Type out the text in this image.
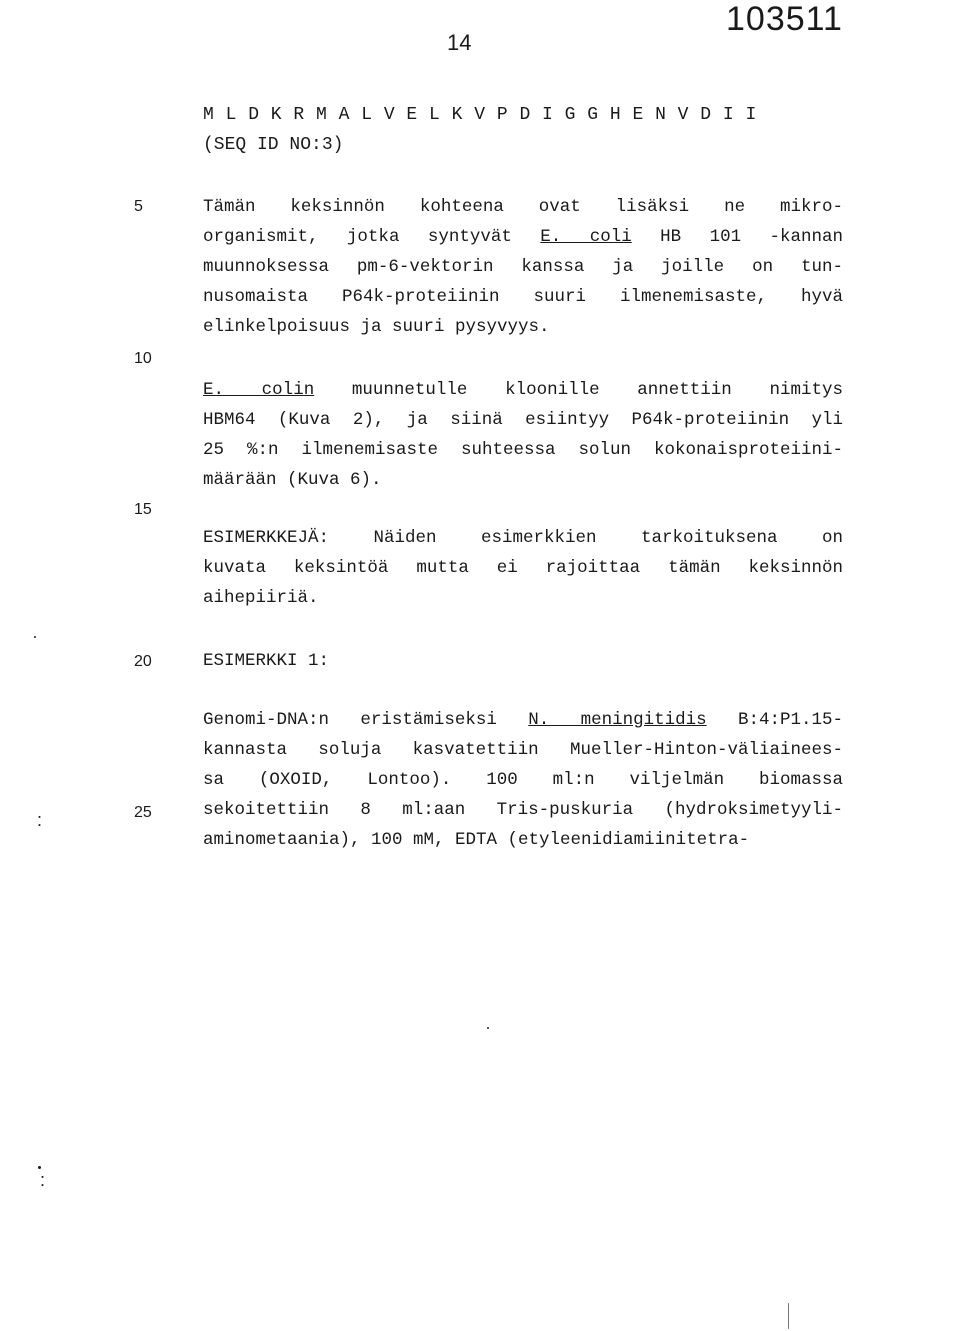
14
103511
5
10
15
20
25
M L D K R M A L V E L K V P D I G G H E N V D I I
(SEQ ID NO:3)
Tämän keksinnön kohteena ovat lisäksi ne mikro-
organismit, jotka syntyvät E. coli HB 101 -kannan
muunnoksessa pm-6-vektorin kanssa ja joille on tun-
nusomaista P64k-proteiinin suuri ilmenemisaste, hyvä
elinkelpoisuus ja suuri pysyvyys.
E. colin muunnetulle kloonille annettiin nimitys
HBM64 (Kuva 2), ja siinä esiintyy P64k-proteiinin yli
25 %:n ilmenemisaste suhteessa solun kokonaisproteiini-
määrään (Kuva 6).
ESIMERKKEJÄ: Näiden esimerkkien tarkoituksena on
kuvata keksintöä mutta ei rajoittaa tämän keksinnön
aihepiiriä.
ESIMERKKI 1:
Genomi-DNA:n eristämiseksi N. meningitidis B:4:P1.15-
kannasta soluja kasvatettiin Mueller-Hinton-väliainees-
sa (OXOID, Lontoo). 100 ml:n viljelmän biomassa
sekoitettiin 8 ml:aan Tris-puskuria (hydroksimetyyli-
aminometaania), 100 mM, EDTA (etyleenidiamiinitetra-
:
:
